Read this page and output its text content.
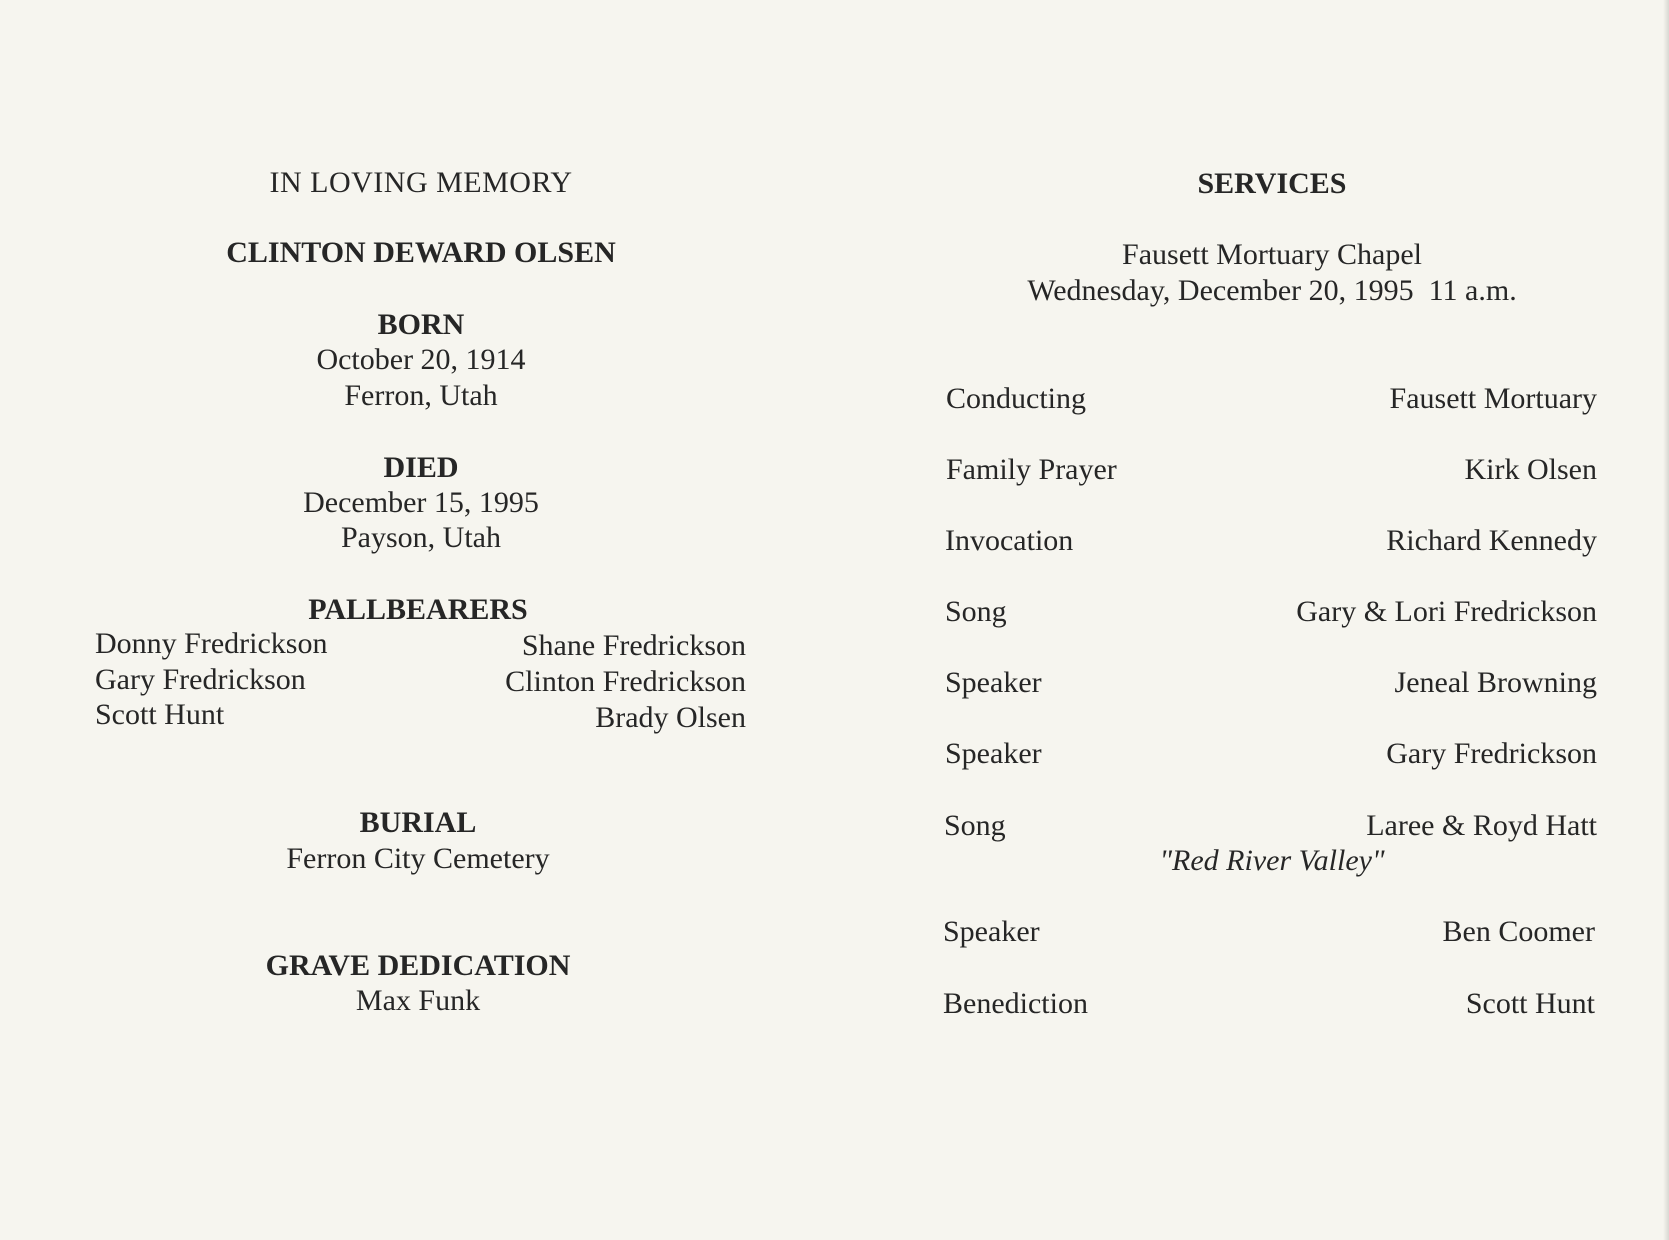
IN LOVING MEMORY
CLINTON DEWARD OLSEN
BORN
October 20, 1914
Ferron, Utah
DIED
December 15, 1995
Payson, Utah
PALLBEARERS
Donny Fredrickson	Shane Fredrickson
Gary Fredrickson	Clinton Fredrickson
Scott Hunt	Brady Olsen
BURIAL
Ferron City Cemetery
GRAVE DEDICATION
Max Funk
SERVICES
Fausett Mortuary Chapel
Wednesday, December 20, 1995  11 a.m.
Conducting	Fausett Mortuary
Family Prayer	Kirk Olsen
Invocation	Richard Kennedy
Song	Gary & Lori Fredrickson
Speaker	Jeneal Browning
Speaker	Gary Fredrickson
Song	Laree & Royd Hatt
"Red River Valley"
Speaker	Ben Coomer
Benediction	Scott Hunt
